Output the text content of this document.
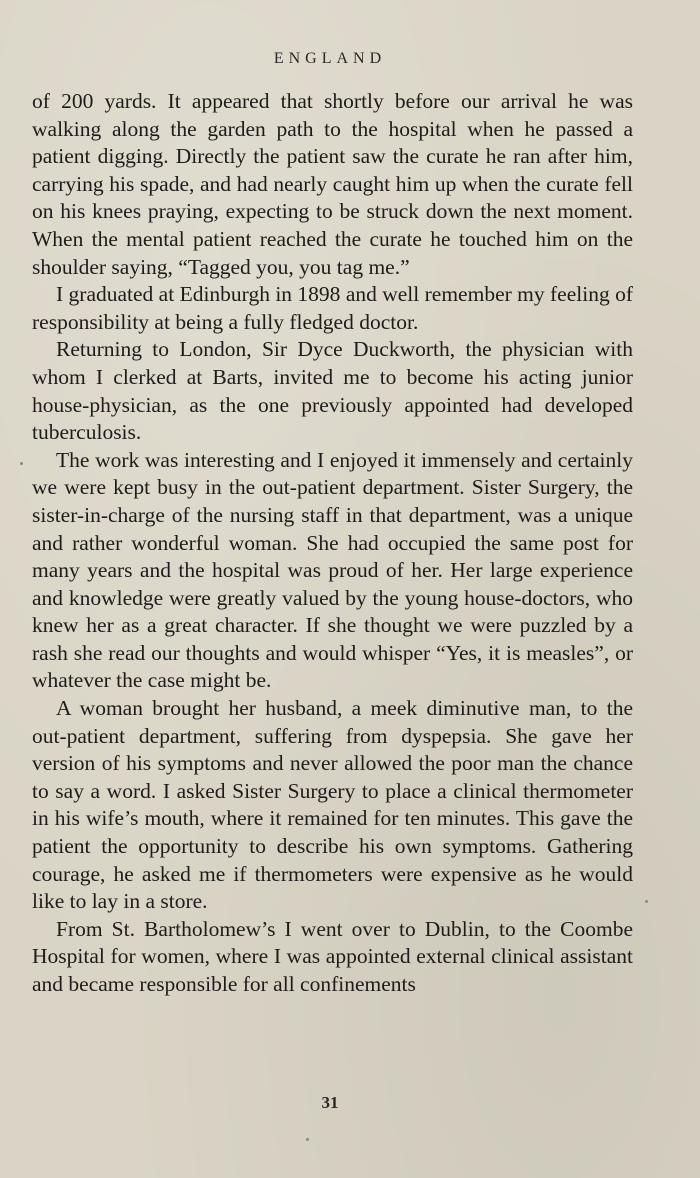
ENGLAND

of 200 yards. It appeared that shortly before our arrival he was walking along the garden path to the hospital when he passed a patient digging. Directly the patient saw the curate he ran after him, carrying his spade, and had nearly caught him up when the curate fell on his knees praying, expecting to be struck down the next moment. When the mental patient reached the curate he touched him on the shoulder saying, “Tagged you, you tag me.”

I graduated at Edinburgh in 1898 and well remember my feeling of responsibility at being a fully fledged doctor.

Returning to London, Sir Dyce Duckworth, the physician with whom I clerked at Barts, invited me to become his acting junior house-physician, as the one previously appointed had developed tuberculosis.

The work was interesting and I enjoyed it immensely and certainly we were kept busy in the out-patient department. Sister Surgery, the sister-in-charge of the nursing staff in that department, was a unique and rather wonderful woman. She had occupied the same post for many years and the hospital was proud of her. Her large experience and knowledge were greatly valued by the young house-doctors, who knew her as a great character. If she thought we were puzzled by a rash she read our thoughts and would whisper “Yes, it is measles”, or whatever the case might be.

A woman brought her husband, a meek diminutive man, to the out-patient department, suffering from dyspepsia. She gave her version of his symptoms and never allowed the poor man the chance to say a word. I asked Sister Surgery to place a clinical thermometer in his wife’s mouth, where it remained for ten minutes. This gave the patient the opportunity to describe his own symptoms. Gathering courage, he asked me if thermometers were expensive as he would like to lay in a store.

From St. Bartholomew’s I went over to Dublin, to the Coombe Hospital for women, where I was appointed external clinical assistant and became responsible for all confinements

31
